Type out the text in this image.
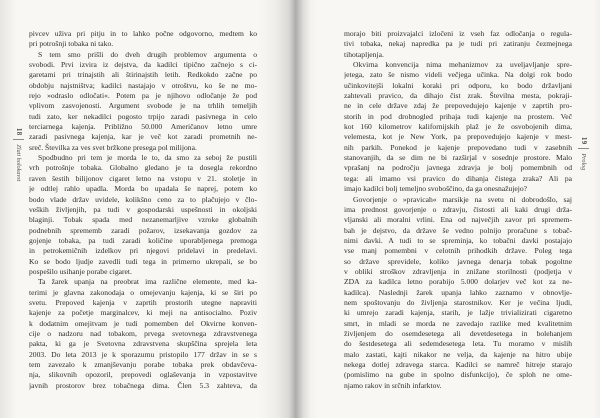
18
Zlati holokavst
pivcev uživa pri pitju in to lahko počne odgovorno, medtem ko
pri potrošnji tobaka ni tako.
S tem smo prišli do dveh drugih problemov argumenta o
svobodi. Prvi izvira iz dejstva, da kadilci tipično začnejo s ci-
garetami pri trinajstih ali štirinajstih letih. Redkokdo začne po
obdobju najstništva; kadilci nastajajo v otroštvu, ko še ne mo-
rejo »odraslo odločati«. Potem pa je njihovo odločanje že pod
vplivom zasvojenosti. Argument svobode je na trhlih temeljih
tudi zato, ker nekadilci pogosto trpijo zaradi pasivnega in celo
terciarnega kajenja. Približno 50.000 Američanov letno umre
zaradi pasivnega kajenja, kar je več kot zaradi prometnih ne-
sreč. Številka za ves svet bržkone presega pol milijona.
Spodbudno pri tem je morda le to, da smo za seboj že pustili
vrh potrošnje tobaka. Globalno gledano je ta dosegla rekordno
raven šestih bilijonov cigaret letno na vstopu v 21. stoletje in
je odtlej rahlo upadla. Morda bo upadala še naprej, potem ko
bodo vlade držav uvidele, kolikšno ceno za to plačujejo v člo-
veških življenjih, pa tudi v gospodarski uspešnosti in okoljski
blaginji. Tobak spada med nezanemarljive vzroke globalnih
podnebnih sprememb zaradi požarov, izsekavanja gozdov za
gojenje tobaka, pa tudi zaradi količine uporabljenega premoga
in petrokemičnih izdelkov pri njegovi pridelavi in predelavi.
Ko se bodo ljudje zavedli tudi tega in primerno ukrepali, se bo
pospešilo usihanje porabe cigaret.
Ta žarek upanja na preobrat ima različne elemente, med ka-
terimi je glavna zakonodaja o omejevanju kajenja, ki se širi po
svetu. Prepoved kajenja v zaprtih prostorih utegne napraviti
kajenje za početje marginalcev, ki meji na antisocialno. Poziv
k dodatnim omejitvam je tudi pomemben del Okvirne konven-
cije o nadzoru nad tobakom, prvega svetovnega zdravstvenega
pakta, ki ga je Svetovna zdravstvena skupščina sprejela leta
2003. Do leta 2013 je k sporazumu pristopilo 177 držav in se s
tem zavezalo k zmanjševanju porabe tobaka prek obdavčeva-
nja, slikovnih opozoril, prepovedi oglaševanja in vzpostavitve
javnih prostorov brez tobačnega dima. Člen 5.3 zahteva, da
morajo biti proizvajalci izločeni iz vseh faz odločanja o regula-
tivi tobaka, nekaj napredka pa je tudi pri zatiranju čezmejnega
tihotapljenja.
Okvirna konvencija nima mehanizmov za uveljavljanje spre-
jetega, zato še nismo videli večjega učinka. Na dolgi rok bodo
učinkovitejši lokalni koraki pri odporu, ko bodo državljani
zahtevali pravico, da dihajo čist zrak. Številna mesta, pokraji-
ne in cele države zdaj že prepovedujejo kajenje v zaprtih pro-
storih in pod drobnogled prihaja tudi kajenje na prostem. Več
kot 160 kilometrov kalifornijskih plaž je že osvobojenih dima,
velemesta, kot je New York, pa prepovedujejo kajenje v mest-
nih parkih. Ponekod je kajenje prepovedano tudi v zasebnih
stanovanjih, da se dim ne bi razširjal v sosednje prostore. Malo
vprašanj na področju javnega zdravja je bolj pomembnih od
tega: ali imamo vsi pravico do dihanja čistega zraka? Ali pa
imajo kadilci bolj temeljno svoboščino, da ga onesnažujejo?
Govorjenje o »pravicah« marsikje na svetu ni dobrodošlo, saj
ima prednost govorjenje o zdravju, čistosti ali kaki drugi drža-
vljanski ali moralni vrlini. Ena od največjih zavor pri spremem-
bah je dejstvo, da države še vedno polnijo proračune s tobač-
nimi davki. A tudi to se spreminja, ko tobačni davki postajajo
vse manj pomembni v celotnih prihodkih države. Poleg tega
so države sprevidele, koliko javnega denarja tobak pogoltne
v obliki stroškov zdravljenja in znižane storilnosti (podjetja v
ZDA za kadilca letno porabijo 5.000 dolarjev več kot za ne-
kadilca). Naslednji žarek upanja lahko zaznamo v obnovlje-
nem spoštovanju do življenja starostnikov. Ker je večina ljudi,
ki umrejo zaradi kajenja, starih, je lažje trivializirati cigaretno
smrt, in mladi se morda ne zavedajo razlike med kvalitetnim
življenjem do osemdesetega ali devetdesetega in bolehanjem
do šestdesetega ali sedemdesetega leta. Tu moramo v mislih
malo zastati, kajti nikakor ne velja, da kajenje na hitro ubije
nekega dotlej zdravega starca. Kadilci se namreč hitreje starajo
(pomislimo na gube in spolno disfunkcijo), če sploh ne ome-
njamo rakov in srčnih infarktov.
19
Prolog
